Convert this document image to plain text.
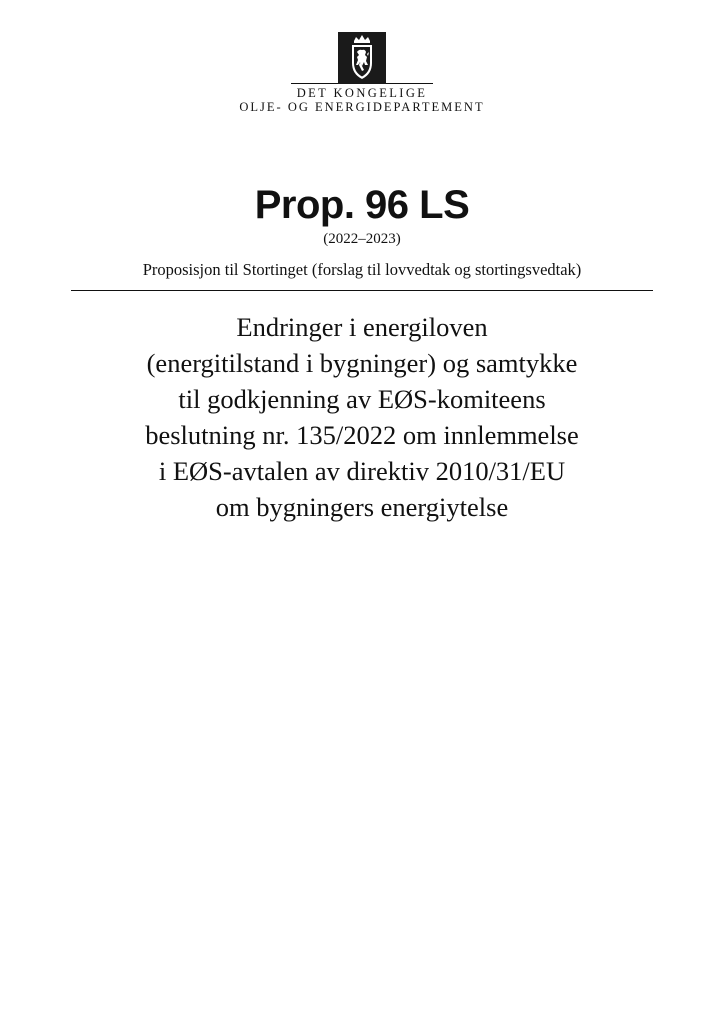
DET KONGELIGE
OLJE- OG ENERGIDEPARTEMENT
Prop. 96 LS
(2022–2023)
Proposisjon til Stortinget (forslag til lovvedtak og stortingsvedtak)
Endringer i energiloven
(energitilstand i bygninger) og samtykke
til godkjenning av EØS-komiteens
beslutning nr. 135/2022 om innlemmelse
i EØS-avtalen av direktiv 2010/31/EU
om bygningers energiytelse
